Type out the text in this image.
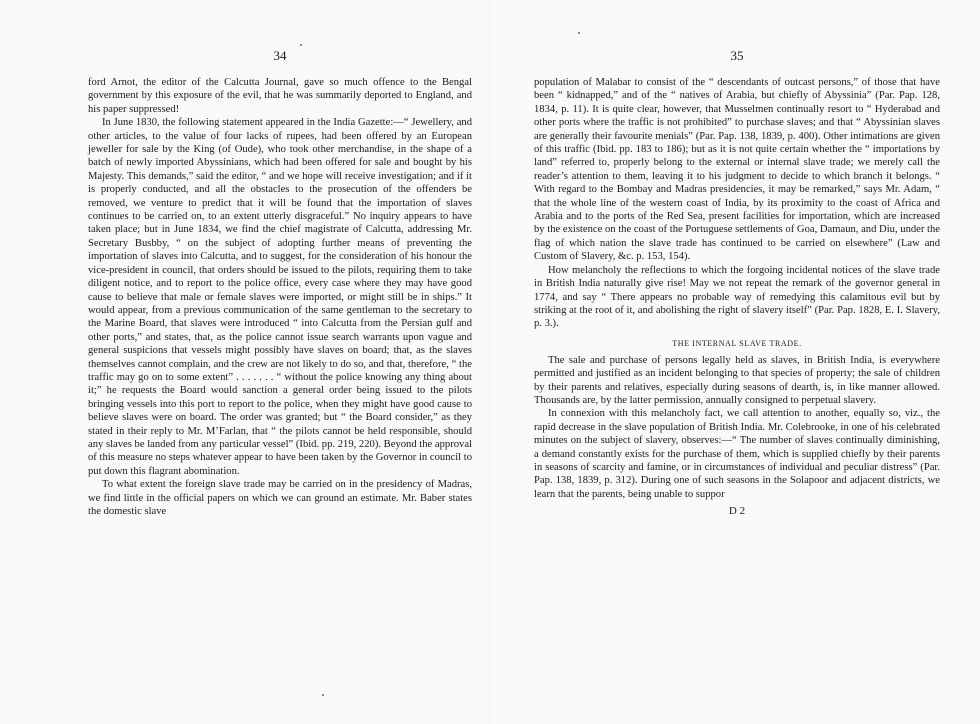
34

ford Arnot, the editor of the Calcutta Journal, gave so much offence to the Bengal government by this exposure of the evil, that he was summarily deported to England, and his paper suppressed!

In June 1830, the following statement appeared in the India Gazette:—“ Jewellery, and other articles, to the value of four lacks of rupees, had been offered by an European jeweller for sale by the King (of Oude), who took other merchandise, in the shape of a batch of newly imported Abyssinians, which had been offered for sale and bought by his Majesty. This demands,” said the editor, “ and we hope will receive investigation; and if it is properly conducted, and all the obstacles to the prosecution of the offenders be removed, we venture to predict that it will be found that the importation of slaves continues to be carried on, to an extent utterly disgraceful.” No inquiry appears to have taken place; but in June 1834, we find the chief magistrate of Calcutta, addressing Mr. Secretary Busbby, “ on the subject of adopting further means of preventing the importation of slaves into Calcutta, and to suggest, for the consideration of his honour the vice-president in council, that orders should be issued to the pilots, requiring them to take diligent notice, and to report to the police office, every case where they may have good cause to believe that male or female slaves were imported, or might still be in ships.” It would appear, from a previous communication of the same gentleman to the secretary to the Marine Board, that slaves were introduced “ into Calcutta from the Persian gulf and other ports,” and states, that, as the police cannot issue search warrants upon vague and general suspicions that vessels might possibly have slaves on board; that, as the slaves themselves cannot complain, and the crew are not likely to do so, and that, therefore, “ the traffic may go on to some extent” . . . . . . . “ without the police knowing any thing about it;” he requests the Board would sanction a general order being issued to the pilots bringing vessels into this port to report to the police, when they might have good cause to believe slaves were on board. The order was granted; but “ the Board consider,” as they stated in their reply to Mr. M’Farlan, that “ the pilots cannot be held responsible, should any slaves be landed from any particular vessel” (Ibid. pp. 219, 220). Beyond the approval of this measure no steps whatever appear to have been taken by the Governor in council to put down this flagrant abomination.

To what extent the foreign slave trade may be carried on in the presidency of Madras, we find little in the official papers on which we can ground an estimate. Mr. Baber states the domestic slave

35

population of Malabar to consist of the “ descendants of outcast persons,” of those that have been “ kidnapped,” and of the “ natives of Arabia, but chiefly of Abyssinia” (Par. Pap. 128, 1834, p. 11). It is quite clear, however, that Musselmen continually resort to “ Hyderabad and other ports where the traffic is not prohibited” to purchase slaves; and that “ Abyssinian slaves are generally their favourite menials” (Par. Pap. 138, 1839, p. 400). Other intimations are given of this traffic (Ibid. pp. 183 to 186); but as it is not quite certain whether the “ importations by land” referred to, properly belong to the external or internal slave trade; we merely call the reader’s attention to them, leaving it to his judgment to decide to which branch it belongs. “ With regard to the Bombay and Madras presidencies, it may be remarked,” says Mr. Adam, “ that the whole line of the western coast of India, by its proximity to the coast of Africa and Arabia and to the ports of the Red Sea, present facilities for importation, which are increased by the existence on the coast of the Portuguese settlements of Goa, Damaun, and Diu, under the flag of which nation the slave trade has continued to be carried on elsewhere” (Law and Custom of Slavery, &c. p. 153, 154).

How melancholy the reflections to which the forgoing incidental notices of the slave trade in British India naturally give rise! May we not repeat the remark of the governor general in 1774, and say “ There appears no probable way of remedying this calamitous evil but by striking at the root of it, and abolishing the right of slavery itself” (Par. Pap. 1828, E. I. Slavery, p. 3.).

THE INTERNAL SLAVE TRADE.

The sale and purchase of persons legally held as slaves, in British India, is everywhere permitted and justified as an incident belonging to that species of property; the sale of children by their parents and relatives, especially during seasons of dearth, is, in like manner allowed. Thousands are, by the latter permission, annually consigned to perpetual slavery.

In connexion with this melancholy fact, we call attention to another, equally so, viz., the rapid decrease in the slave population of British India. Mr. Colebrooke, in one of his celebrated minutes on the subject of slavery, observes:—“ The number of slaves continually diminishing, a demand constantly exists for the purchase of them, which is supplied chiefly by their parents in seasons of scarcity and famine, or in circumstances of individual and peculiar distress” (Par. Pap. 138, 1839, p. 312). During one of such seasons in the Solapoor and adjacent districts, we learn that the parents, being unable to suppor

D 2
